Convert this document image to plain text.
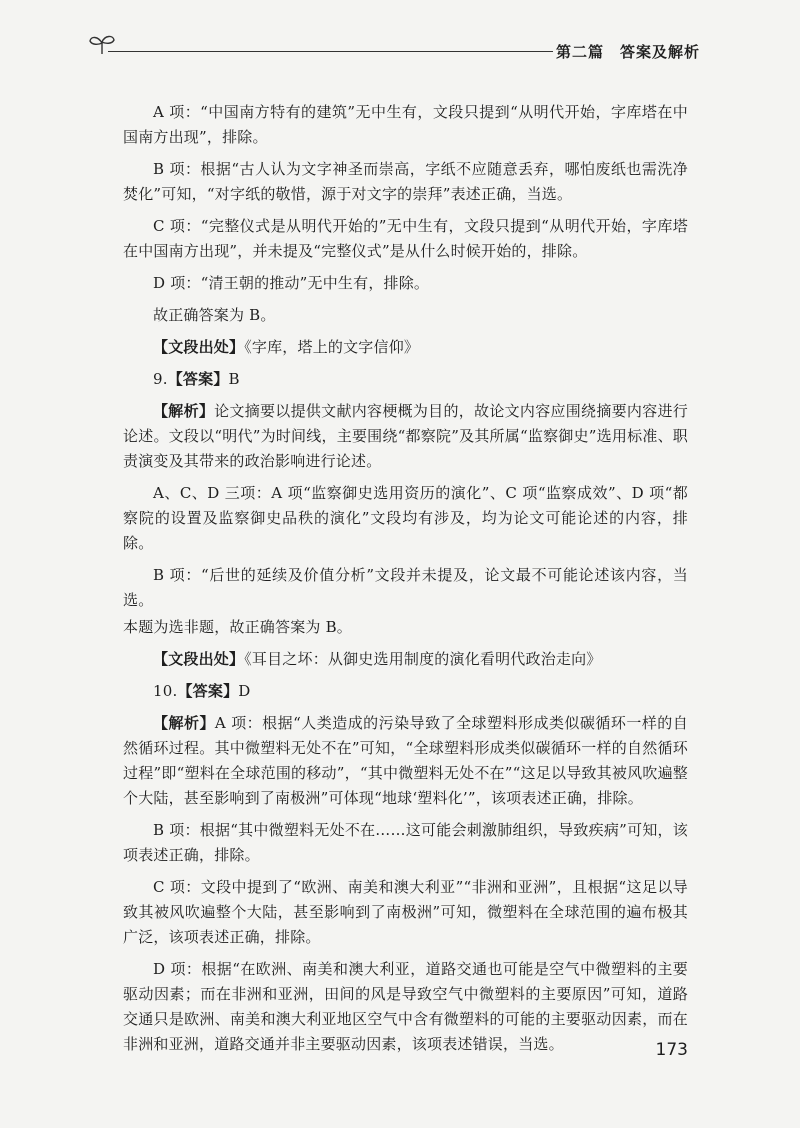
第二篇　答案及解析

A 项：“中国南方特有的建筑”无中生有，文段只提到“从明代开始，字库塔在中国南方出现”，排除。

B 项：根据“古人认为文字神圣而崇高，字纸不应随意丢弃，哪怕废纸也需洗净焚化”可知，“对字纸的敬惜，源于对文字的崇拜”表述正确，当选。

C 项：“完整仪式是从明代开始的”无中生有，文段只提到“从明代开始，字库塔在中国南方出现”，并未提及“完整仪式”是从什么时候开始的，排除。

D 项：“清王朝的推动”无中生有，排除。

故正确答案为 B。

【文段出处】《字库，塔上的文字信仰》

9.【答案】B

【解析】论文摘要以提供文献内容梗概为目的，故论文内容应围绕摘要内容进行论述。文段以“明代”为时间线，主要围绕“都察院”及其所属“监察御史”选用标准、职责演变及其带来的政治影响进行论述。

A、C、D 三项：A 项“监察御史选用资历的演化”、C 项“监察成效”、D 项“都察院的设置及监察御史品秩的演化”文段均有涉及，均为论文可能论述的内容，排除。

B 项：“后世的延续及价值分析”文段并未提及，论文最不可能论述该内容，当选。

本题为选非题，故正确答案为 B。

【文段出处】《耳目之坏：从御史选用制度的演化看明代政治走向》

10.【答案】D

【解析】A 项：根据“人类造成的污染导致了全球塑料形成类似碳循环一样的自然循环过程。其中微塑料无处不在”可知，“全球塑料形成类似碳循环一样的自然循环过程”即“塑料在全球范围的移动”，“其中微塑料无处不在”“这足以导致其被风吹遍整个大陆，甚至影响到了南极洲”可体现“地球‘塑料化’”，该项表述正确，排除。

B 项：根据“其中微塑料无处不在……这可能会刺激肺组织，导致疾病”可知，该项表述正确，排除。

C 项：文段中提到了“欧洲、南美和澳大利亚”“非洲和亚洲”，且根据“这足以导致其被风吹遍整个大陆，甚至影响到了南极洲”可知，微塑料在全球范围的遍布极其广泛，该项表述正确，排除。

D 项：根据“在欧洲、南美和澳大利亚，道路交通也可能是空气中微塑料的主要驱动因素；而在非洲和亚洲，田间的风是导致空气中微塑料的主要原因”可知，道路交通只是欧洲、南美和澳大利亚地区空气中含有微塑料的可能的主要驱动因素，而在非洲和亚洲，道路交通并非主要驱动因素，该项表述错误，当选。	173
